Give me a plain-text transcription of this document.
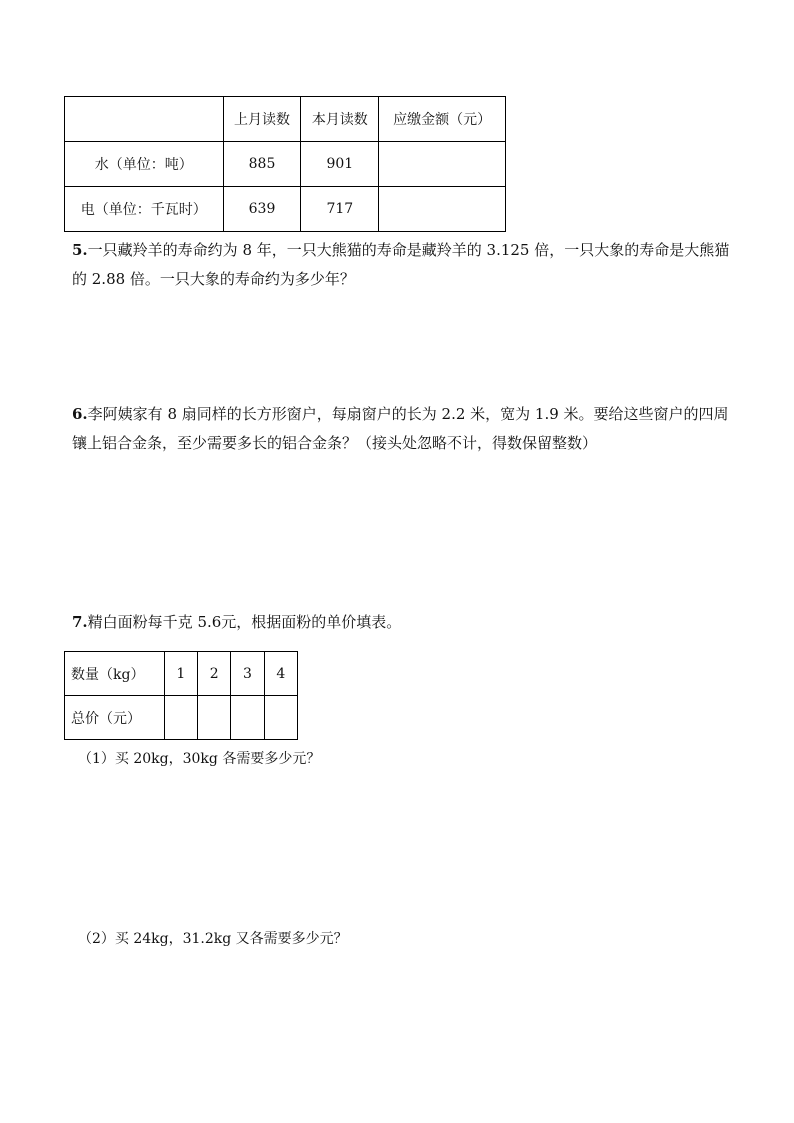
	上月读数	本月读数	应缴金额（元）
水（单位：吨）	885	901	
电（单位：千瓦时）	639	717	
5.一只藏羚羊的寿命约为 8 年，一只大熊猫的寿命是藏羚羊的 3.125 倍，一只大象的寿命是大熊猫的 2.88 倍。一只大象的寿命约为多少年？
6.李阿姨家有 8 扇同样的长方形窗户，每扇窗户的长为 2.2 米，宽为 1.9 米。要给这些窗户的四周镶上铝合金条，至少需要多长的铝合金条？（接头处忽略不计，得数保留整数）
7.精白面粉每千克 5.6元，根据面粉的单价填表。
数量（kg）	1	2	3	4
总价（元）				
（1）买 20kg，30kg 各需要多少元？
（2）买 24kg，31.2kg 又各需要多少元？
